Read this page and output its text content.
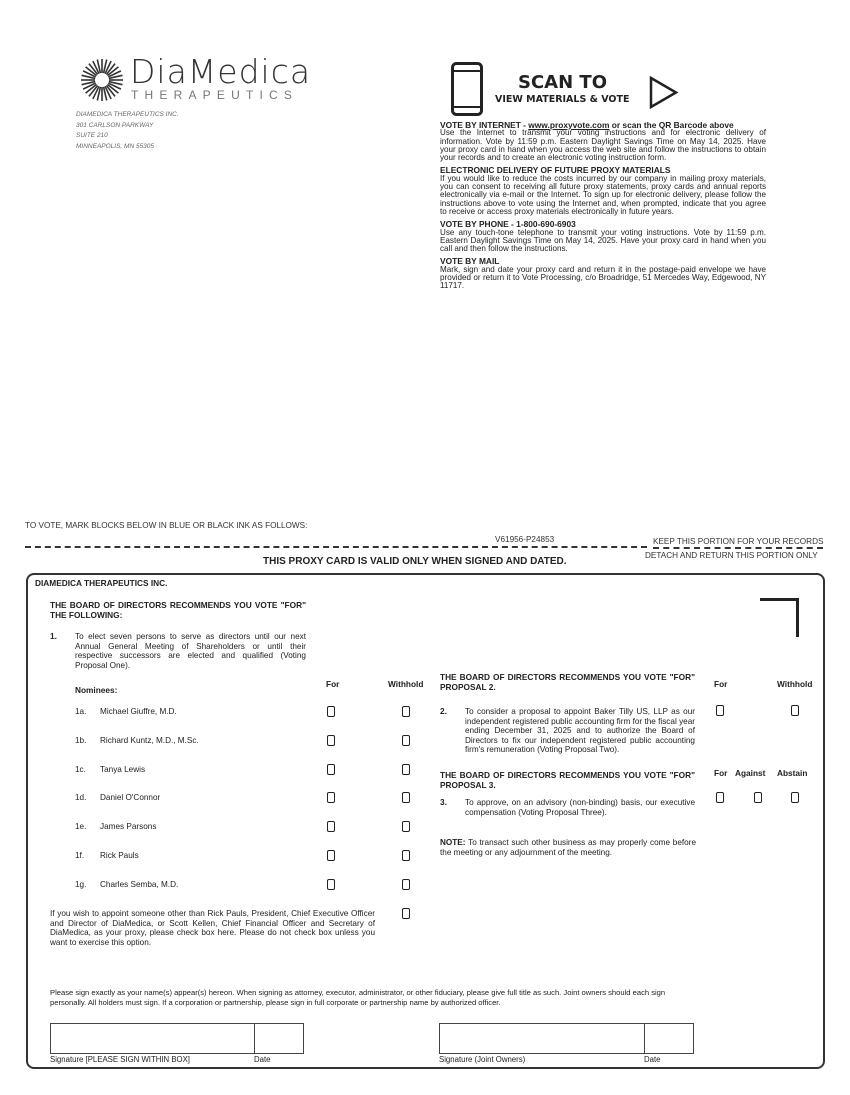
DiaMedica
THERAPEUTICS
DIAMEDICA THERAPEUTICS INC.
301 CARLSON PARKWAY
SUITE 210
MINNEAPOLIS, MN 55305
SCAN TO
VIEW MATERIALS & VOTE
VOTE BY INTERNET - www.proxyvote.com or scan the QR Barcode above

Use the Internet to transmit your voting instructions and for electronic delivery of information. Vote by 11:59 p.m. Eastern Daylight Savings Time on May 14, 2025. Have your proxy card in hand when you access the web site and follow the instructions to obtain your records and to create an electronic voting instruction form.

ELECTRONIC DELIVERY OF FUTURE PROXY MATERIALS

If you would like to reduce the costs incurred by our company in mailing proxy materials, you can consent to receiving all future proxy statements, proxy cards and annual reports electronically via e-mail or the Internet. To sign up for electronic delivery, please follow the instructions above to vote using the Internet and, when prompted, indicate that you agree to receive or access proxy materials electronically in future years.

VOTE BY PHONE - 1-800-690-6903

Use any touch-tone telephone to transmit your voting instructions. Vote by 11:59 p.m. Eastern Daylight Savings Time on May 14, 2025. Have your proxy card in hand when you call and then follow the instructions.

VOTE BY MAIL

Mark, sign and date your proxy card and return it in the postage-paid envelope we have provided or return it to Vote Processing, c/o Broadridge, 51 Mercedes Way, Edgewood, NY 11717.

TO VOTE, MARK BLOCKS BELOW IN BLUE OR BLACK INK AS FOLLOWS:
V61956-P24853	KEEP THIS PORTION FOR YOUR RECORDS
DETACH AND RETURN THIS PORTION ONLY
THIS PROXY CARD IS VALID ONLY WHEN SIGNED AND DATED.
DIAMEDICA THERAPEUTICS INC.
THE BOARD OF DIRECTORS RECOMMENDS YOU VOTE "FOR" THE FOLLOWING:
1. To elect seven persons to serve as directors until our next Annual General Meeting of Shareholders or until their respective successors are elected and qualified (Voting Proposal One).
Nominees:
For	Withhold
1a. Michael Giuffre, M.D.
1b. Richard Kuntz, M.D., M.Sc.
1c. Tanya Lewis
1d. Daniel O'Connor
1e. James Parsons
1f. Rick Pauls
1g. Charles Semba, M.D.
If you wish to appoint someone other than Rick Pauls, President, Chief Executive Officer and Director of DiaMedica, or Scott Kellen, Chief Financial Officer and Secretary of DiaMedica, as your proxy, please check box here. Please do not check box unless you want to exercise this option.
THE BOARD OF DIRECTORS RECOMMENDS YOU VOTE "FOR" PROPOSAL 2.	For	Withhold
2. To consider a proposal to appoint Baker Tilly US, LLP as our independent registered public accounting firm for the fiscal year ending December 31, 2025 and to authorize the Board of Directors to fix our independent registered public accounting firm's remuneration (Voting Proposal Two).
THE BOARD OF DIRECTORS RECOMMENDS YOU VOTE "FOR" PROPOSAL 3.
For Against Abstain
3. To approve, on an advisory (non-binding) basis, our executive compensation (Voting Proposal Three).
NOTE: To transact such other business as may properly come before the meeting or any adjournment of the meeting.
Please sign exactly as your name(s) appear(s) hereon. When signing as attorney, executor, administrator, or other fiduciary, please give full title as such. Joint owners should each sign personally. All holders must sign. If a corporation or partnership, please sign in full corporate or partnership name by authorized officer.
Signature [PLEASE SIGN WITHIN BOX]	Date	Signature (Joint Owners)	Date
